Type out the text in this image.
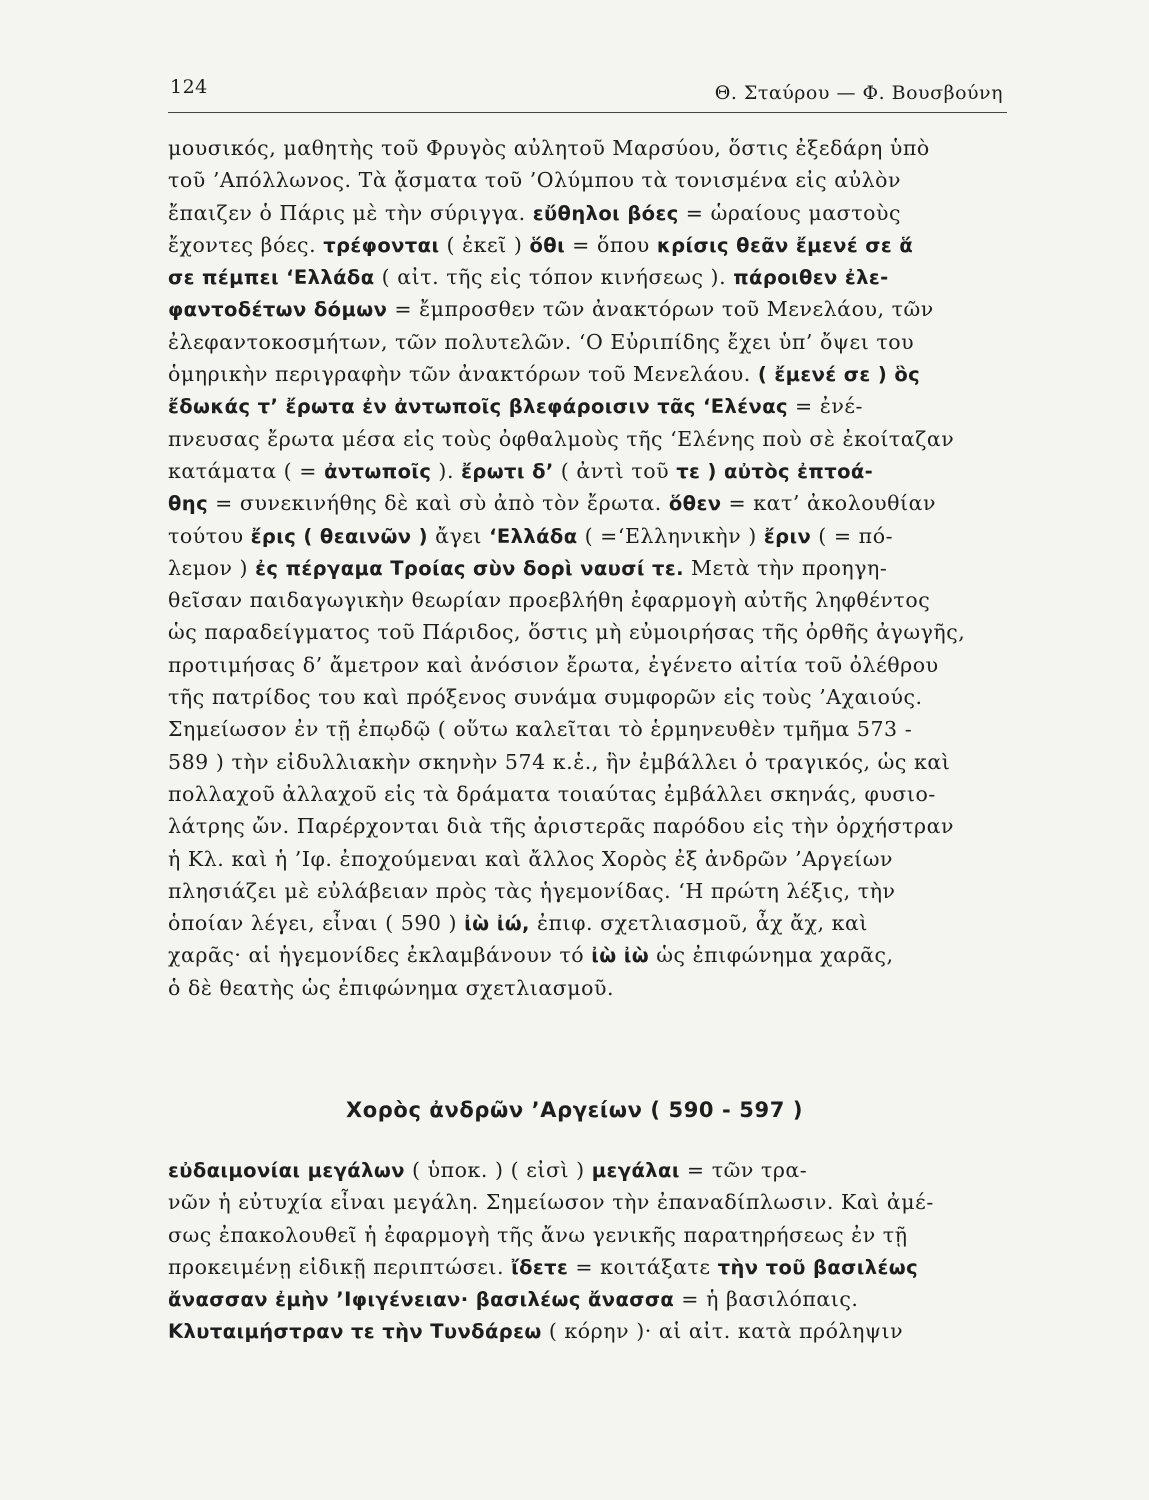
124	Θ. Σταύρου — Φ. Βουσβούνη
μουσικός, μαθητὴς τοῦ Φρυγὸς αὐλητοῦ Μαρσύου, ὅστις ἐξεδάρη ὑπὸ
τοῦ ’Απόλλωνος. Τὰ ᾄσματα τοῦ ’Ολύμπου τὰ τονισμένα εἰς αὐλὸν
ἔπαιζεν ὁ Πάρις μὲ τὴν σύριγγα. εὔθηλοι βόες = ὡραίους μαστοὺς
ἔχοντες βόες. τρέφονται ( ἐκεῖ ) ὅθι = ὅπου κρίσις θεᾶν ἔμενέ σε ἅ
σε πέμπει ‘Ελλάδα ( αἰτ. τῆς εἰς τόπον κινήσεως ). πάροιθεν ἐλε-
φαντοδέτων δόμων = ἔμπροσθεν τῶν ἀνακτόρων τοῦ Μενελάου, τῶν
ἐλεφαντοκοσμήτων, τῶν πολυτελῶν. ‘Ο Εὐριπίδης ἔχει ὑπ’ ὄψει του
ὁμηρικὴν περιγραφὴν τῶν ἀνακτόρων τοῦ Μενελάου. ( ἔμενέ σε ) ὃς
ἔδωκάς τ’ ἔρωτα ἐν ἀντωποῖς βλεφάροισιν τᾶς ‘Ελένας = ἐνέ-
πνευσας ἔρωτα μέσα εἰς τοὺς ὀφθαλμοὺς τῆς ‘Ελένης ποὺ σὲ ἐκοίταζαν
κατάματα ( = ἀντωποῖς ). ἔρωτι δ’ ( ἀντὶ τοῦ τε ) αὐτὸς ἐπτοά-
θης = συνεκινήθης δὲ καὶ σὺ ἀπὸ τὸν ἔρωτα. ὅθεν = κατ’ ἀκολουθίαν
τούτου ἔρις ( θεαινῶν ) ἄγει ‘Ελλάδα ( =‘Ελληνικὴν ) ἔριν ( = πό-
λεμον ) ἐς πέργαμα Τροίας σὺν δορὶ ναυσί τε. Μετὰ τὴν προηγη-
θεῖσαν παιδαγωγικὴν θεωρίαν προεβλήθη ἐφαρμογὴ αὐτῆς ληφθέντος
ὡς παραδείγματος τοῦ Πάριδος, ὅστις μὴ εὐμοιρήσας τῆς ὀρθῆς ἀγωγῆς,
προτιμήσας δ’ ἄμετρον καὶ ἀνόσιον ἔρωτα, ἐγένετο αἰτία τοῦ ὀλέθρου
τῆς πατρίδος του καὶ πρόξενος συνάμα συμφορῶν εἰς τοὺς ’Αχαιούς.
Σημείωσον ἐν τῇ ἐπῳδῷ ( οὕτω καλεῖται τὸ ἑρμηνευθὲν τμῆμα 573 -
589 ) τὴν εἰδυλλιακὴν σκηνὴν 574 κ.ἑ., ἣν ἐμβάλλει ὁ τραγικός, ὡς καὶ
πολλαχοῦ ἀλλαχοῦ εἰς τὰ δράματα τοιαύτας ἐμβάλλει σκηνάς, φυσιο-
λάτρης ὤν. Παρέρχονται διὰ τῆς ἀριστερᾶς παρόδου εἰς τὴν ὀρχήστραν
ἡ Κλ. καὶ ἡ ’Ιφ. ἐποχούμεναι καὶ ἄλλος Χορὸς ἐξ ἀνδρῶν ’Αργείων
πλησιάζει μὲ εὐλάβειαν πρὸς τὰς ἡγεμονίδας. ‘Η πρώτη λέξις, τὴν
ὁποίαν λέγει, εἶναι ( 590 ) ἰὼ ἰώ, ἐπιφ. σχετλιασμοῦ, ἆχ ἄχ, καὶ
χαρᾶς· αἱ ἡγεμονίδες ἐκλαμβάνουν τό ἰὼ ἰὼ ὡς ἐπιφώνημα χαρᾶς,
ὁ δὲ θεατὴς ὡς ἐπιφώνημα σχετλιασμοῦ.
Χορὸς ἀνδρῶν ’Αργείων ( 590 - 597 )
εὐδαιμονίαι μεγάλων ( ὑποκ. ) ( εἰσὶ ) μεγάλαι = τῶν τρα-
νῶν ἡ εὐτυχία εἶναι μεγάλη. Σημείωσον τὴν ἐπαναδίπλωσιν. Καὶ ἀμέ-
σως ἐπακολουθεῖ ἡ ἐφαρμογὴ τῆς ἄνω γενικῆς παρατηρήσεως ἐν τῇ
προκειμένῃ εἰδικῇ περιπτώσει. ἴδετε = κοιτάξατε τὴν τοῦ βασιλέως
ἄνασσαν ἐμὴν ’Ιφιγένειαν· βασιλέως ἄνασσα = ἡ βασιλόπαις.
Κλυταιμήστραν τε τὴν Τυνδάρεω ( κόρην )· αἱ αἰτ. κατὰ πρόληψιν
